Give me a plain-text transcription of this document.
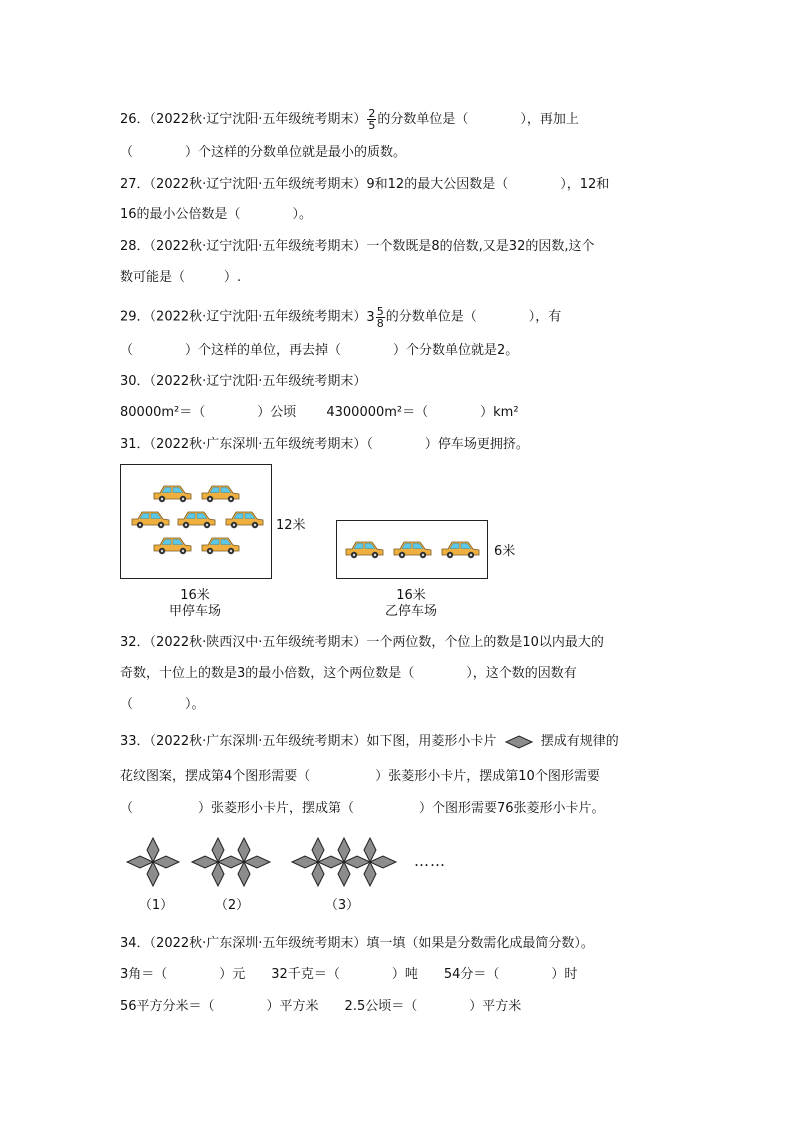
26．（2022秋·辽宁沈阳·五年级统考期末） $\frac{2}{5}$ 的分数单位是（　　　　），再加上
（　　　　）个这样的分数单位就是最小的质数。
27．（2022秋·辽宁沈阳·五年级统考期末）9和12的最大公因数是（　　　　），12和
16的最小公倍数是（　　　　）。
28．（2022秋·辽宁沈阳·五年级统考期末）一个数既是8的倍数,又是32的因数,这个
数可能是（　　　）.
29．（2022秋·辽宁沈阳·五年级统考期末） $3 \frac{5}{8}$ 的分数单位是（　　　　），有
（　　　　）个这样的单位，再去掉（　　　　）个分数单位就是2。
30．（2022秋·辽宁沈阳·五年级统考期末）
80000m²＝（　　　　）公顷　　 4300000m²＝（　　　　）km²
31．（2022秋·广东深圳·五年级统考期末）（　　　　）停车场更拥挤。
12米
16米
甲停车场
6米
16米
乙停车场
32．（2022秋·陕西汉中·五年级统考期末）一个两位数，个位上的数是10以内最大的
奇数，十位上的数是3的最小倍数，这个两位数是（　　　　），这个数的因数有
（　　　　）。
33．（2022秋·广东深圳·五年级统考期末）如下图，用菱形小卡片	摆成有规律的
花纹图案，摆成第4个图形需要（　　　　　）张菱形小卡片，摆成第10个图形需要
（　　　　　）张菱形小卡片，摆成第（　　　　　）个图形需要76张菱形小卡片。
（1）	（2）	（3）
……
34．（2022秋·广东深圳·五年级统考期末）填一填（如果是分数需化成最简分数）。
3角＝（　　　　）元　　32千克＝（　　　　）吨　　54分＝（　　　　）时
56平方分米＝（　　　　）平方米　　2.5公顷＝（　　　　）平方米
